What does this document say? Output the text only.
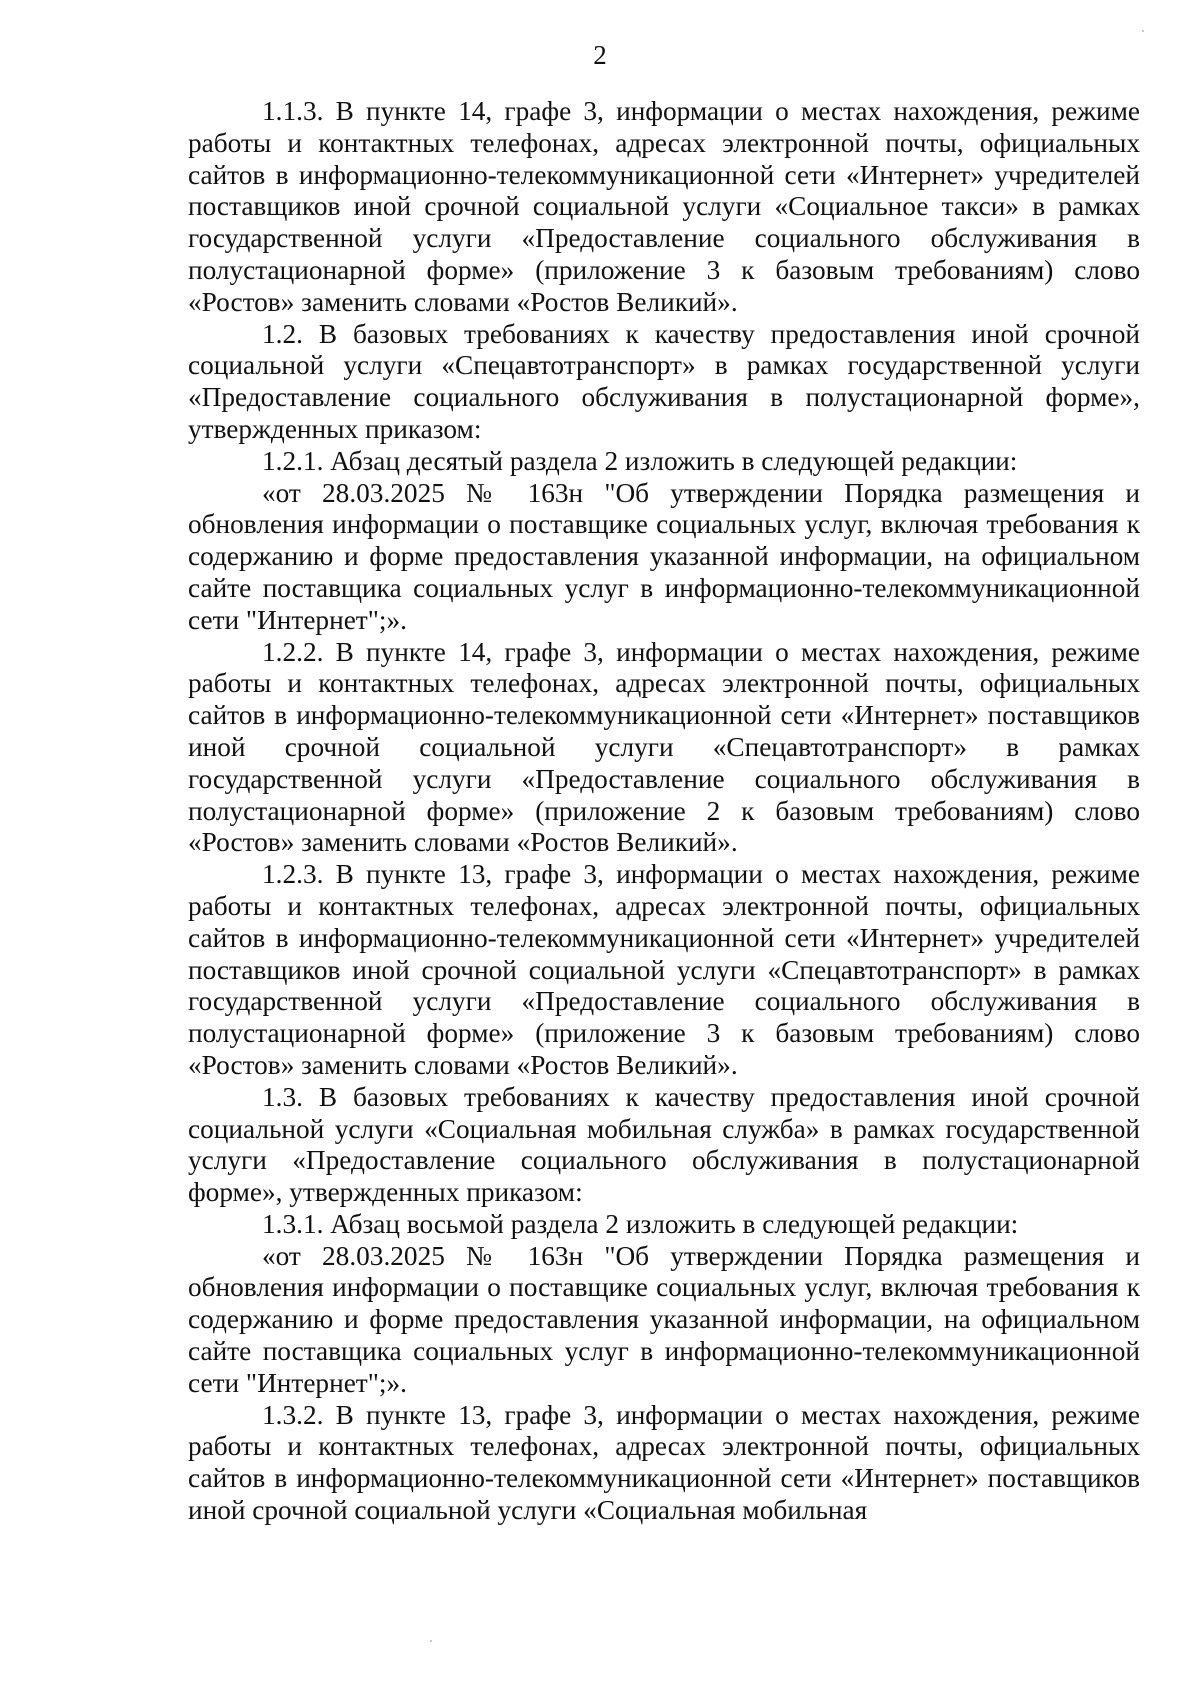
2

1.1.3. В пункте 14, графе 3, информации о местах нахождения, режиме работы и контактных телефонах, адресах электронной почты, официальных сайтов в информационно-телекоммуникационной сети «Интернет» учредителей поставщиков иной срочной социальной услуги «Социальное такси» в рамках государственной услуги «Предоставление социального обслуживания в полустационарной форме» (приложение 3 к базовым требованиям) слово «Ростов» заменить словами «Ростов Великий».

1.2. В базовых требованиях к качеству предоставления иной срочной социальной услуги «Спецавтотранспорт» в рамках государственной услуги «Предоставление социального обслуживания в полустационарной форме», утвержденных приказом:

1.2.1. Абзац десятый раздела 2 изложить в следующей редакции:

«от 28.03.2025 № 163н "Об утверждении Порядка размещения и обновления информации о поставщике социальных услуг, включая требования к содержанию и форме предоставления указанной информации, на официальном сайте поставщика социальных услуг в информационно-телекоммуникационной сети "Интернет";».

1.2.2. В пункте 14, графе 3, информации о местах нахождения, режиме работы и контактных телефонах, адресах электронной почты, официальных сайтов в информационно-телекоммуникационной сети «Интернет» поставщиков иной срочной социальной услуги «Спецавтотранспорт» в рамках государственной услуги «Предоставление социального обслуживания в полустационарной форме» (приложение 2 к базовым требованиям) слово «Ростов» заменить словами «Ростов Великий».

1.2.3. В пункте 13, графе 3, информации о местах нахождения, режиме работы и контактных телефонах, адресах электронной почты, официальных сайтов в информационно-телекоммуникационной сети «Интернет» учредителей поставщиков иной срочной социальной услуги «Спецавтотранспорт» в рамках государственной услуги «Предоставление социального обслуживания в полустационарной форме» (приложение 3 к базовым требованиям) слово «Ростов» заменить словами «Ростов Великий».

1.3. В базовых требованиях к качеству предоставления иной срочной социальной услуги «Социальная мобильная служба» в рамках государственной услуги «Предоставление социального обслуживания в полустационарной форме», утвержденных приказом:

1.3.1. Абзац восьмой раздела 2 изложить в следующей редакции:

«от 28.03.2025 № 163н "Об утверждении Порядка размещения и обновления информации о поставщике социальных услуг, включая требования к содержанию и форме предоставления указанной информации, на официальном сайте поставщика социальных услуг в информационно-телекоммуникационной сети "Интернет";».

1.3.2. В пункте 13, графе 3, информации о местах нахождения, режиме работы и контактных телефонах, адресах электронной почты, официальных сайтов в информационно-телекоммуникационной сети «Интернет» поставщиков иной срочной социальной услуги «Социальная мобильная
